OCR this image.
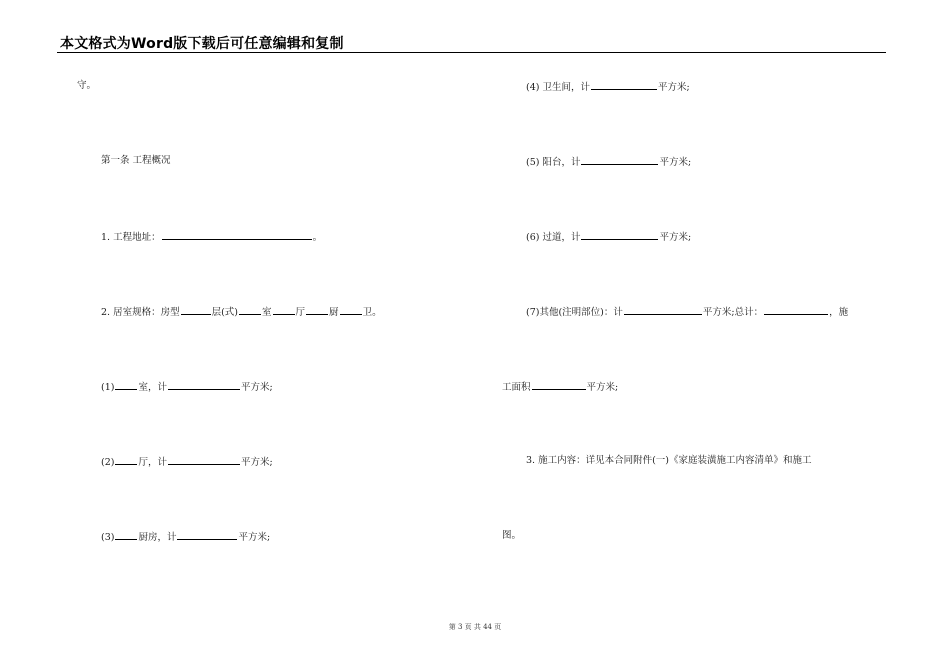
本文格式为Word版下载后可任意编辑和复制
守。
第一条 工程概况
1. 工程地址：	。
2. 居室规格：房型	层(式)	室	厅	厨	卫。
(1)	室，计	平方米;
(2)	厅，计	平方米;
(3)	厨房，计	平方米;
(4) 卫生间，计	平方米;
(5) 阳台，计	平方米;
(6) 过道，计	平方米;
(7)其他(注明部位)：计	平方米;总计：	，施
工面积	平方米;
3. 施工内容：详见本合同附件(一)《家庭装潢施工内容清单》和施工
图。
第 3 页 共 44 页
